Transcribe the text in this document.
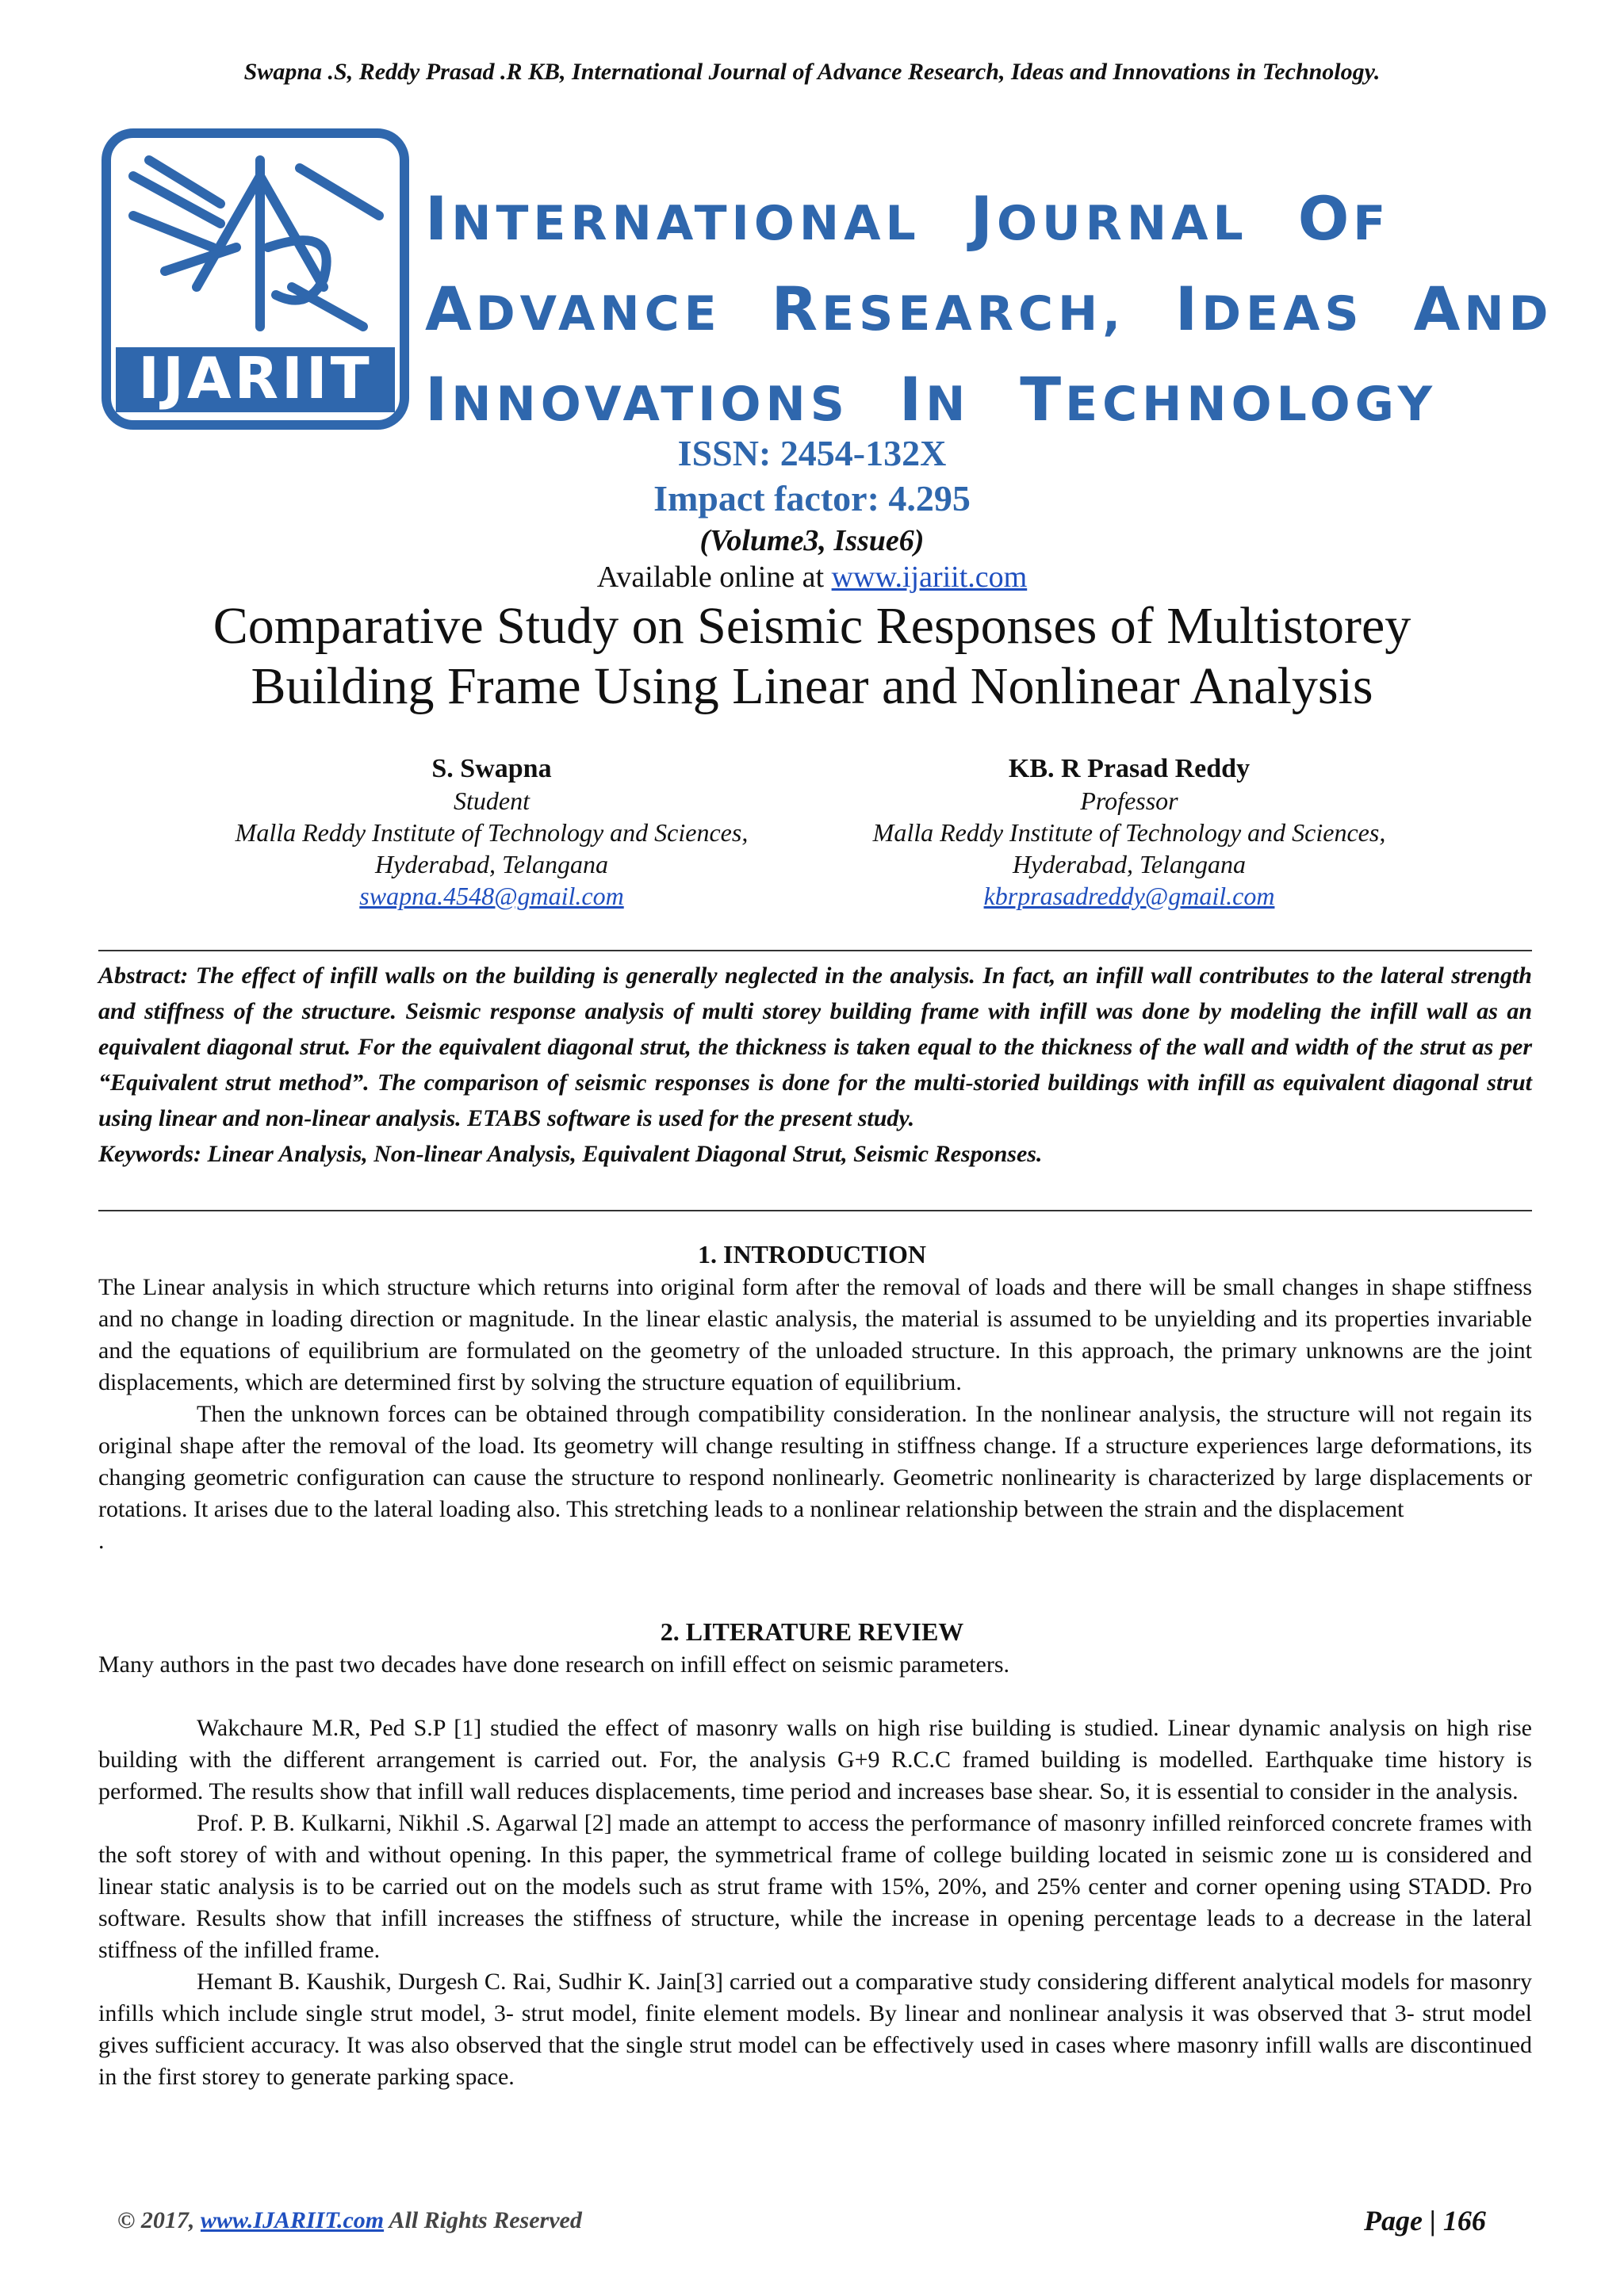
Swapna .S, Reddy Prasad .R KB, International Journal of Advance Research, Ideas and Innovations in Technology.
IJARIIT
INTERNATIONAL JOURNAL OF
ADVANCE RESEARCH, IDEAS AND
INNOVATIONS IN TECHNOLOGY
ISSN: 2454-132X
Impact factor: 4.295
(Volume3, Issue6)
Available online at www.ijariit.com
Comparative Study on Seismic Responses of Multistorey
Building Frame Using Linear and Nonlinear Analysis
S. Swapna
Student
Malla Reddy Institute of Technology and Sciences,
Hyderabad, Telangana
swapna.4548@gmail.com
KB. R Prasad Reddy
Professor
Malla Reddy Institute of Technology and Sciences,
Hyderabad, Telangana
kbrprasadreddy@gmail.com

Abstract: The effect of infill walls on the building is generally neglected in the analysis. In fact, an infill wall contributes to the lateral strength and stiffness of the structure. Seismic response analysis of multi storey building frame with infill was done by modeling the infill wall as an equivalent diagonal strut. For the equivalent diagonal strut, the thickness is taken equal to the thickness of the wall and width of the strut as per “Equivalent strut method”. The comparison of seismic responses is done for the multi-storied buildings with infill as equivalent diagonal strut using linear and non-linear analysis. ETABS software is used for the present study.

Keywords: Linear Analysis, Non-linear Analysis, Equivalent Diagonal Strut, Seismic Responses.

1. INTRODUCTION

The Linear analysis in which structure which returns into original form after the removal of loads and there will be small changes in shape stiffness and no change in loading direction or magnitude. In the linear elastic analysis, the material is assumed to be unyielding and its properties invariable and the equations of equilibrium are formulated on the geometry of the unloaded structure. In this approach, the primary unknowns are the joint displacements, which are determined first by solving the structure equation of equilibrium.

Then the unknown forces can be obtained through compatibility consideration. In the nonlinear analysis, the structure will not regain its original shape after the removal of the load. Its geometry will change resulting in stiffness change. If a structure experiences large deformations, its changing geometric configuration can cause the structure to respond nonlinearly. Geometric nonlinearity is characterized by large displacements or rotations. It arises due to the lateral loading also. This stretching leads to a nonlinear relationship between the strain and the displacement

.

2. LITERATURE REVIEW

Many authors in the past two decades have done research on infill effect on seismic parameters.

Wakchaure M.R, Ped S.P [1] studied the effect of masonry walls on high rise building is studied. Linear dynamic analysis on high rise building with the different arrangement is carried out. For, the analysis G+9 R.C.C framed building is modelled. Earthquake time history is performed. The results show that infill wall reduces displacements, time period and increases base shear. So, it is essential to consider in the analysis.

Prof. P. B. Kulkarni, Nikhil .S. Agarwal [2] made an attempt to access the performance of masonry infilled reinforced concrete frames with the soft storey of with and without opening. In this paper, the symmetrical frame of college building located in seismic zone ш is considered and linear static analysis is to be carried out on the models such as strut frame with 15%, 20%, and 25% center and corner opening using STADD. Pro software. Results show that infill increases the stiffness of structure, while the increase in opening percentage leads to a decrease in the lateral stiffness of the infilled frame.

Hemant B. Kaushik, Durgesh C. Rai, Sudhir K. Jain[3] carried out a comparative study considering different analytical models for masonry infills which include single strut model, 3- strut model, finite element models. By linear and nonlinear analysis it was observed that 3- strut model gives sufficient accuracy. It was also observed that the single strut model can be effectively used in cases where masonry infill walls are discontinued in the first storey to generate parking space.

© 2017, www.IJARIIT.com All Rights Reserved	Page | 166
